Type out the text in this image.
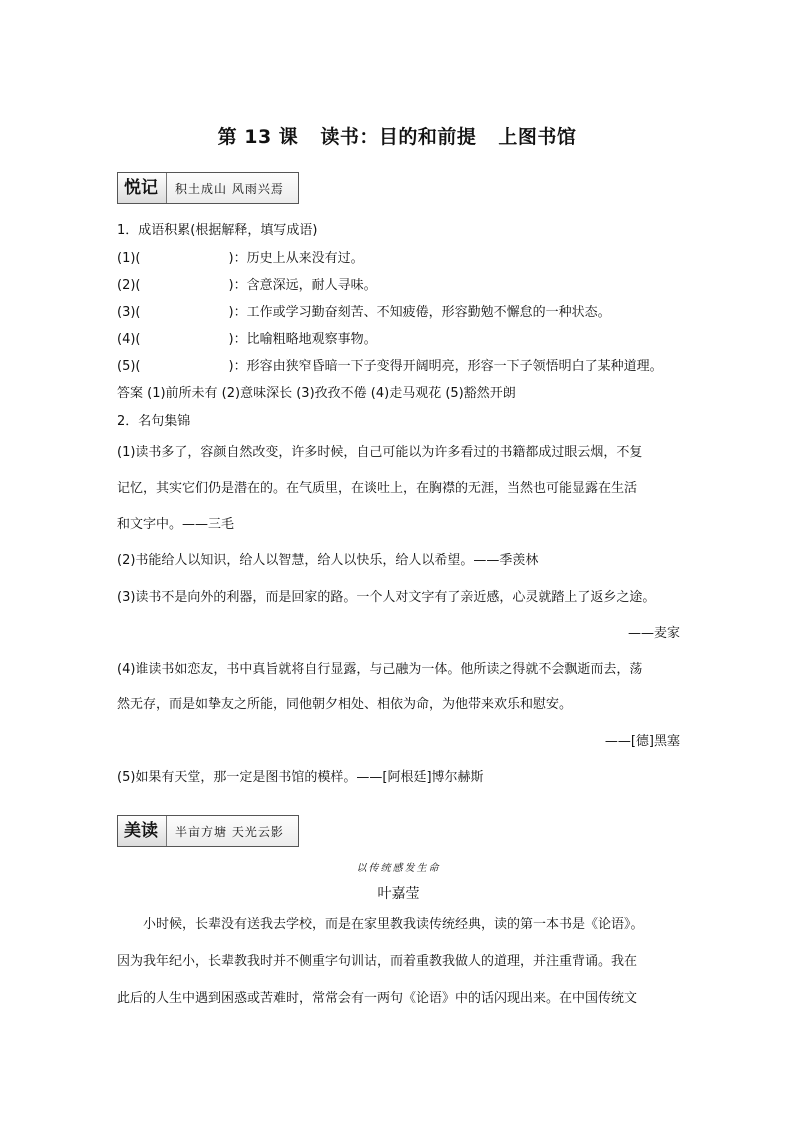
第 13 课 读书：目的和前提 上图书馆
悦记	积土成山 风雨兴焉
1．成语积累(根据解释，填写成语)
(1)(	)：历史上从来没有过。
(2)(	)：含意深远，耐人寻味。
(3)(	)：工作或学习勤奋刻苦、不知疲倦，形容勤勉不懈怠的一种状态。
(4)(	)：比喻粗略地观察事物。
(5)(	)：形容由狭窄昏暗一下子变得开阔明亮，形容一下子领悟明白了某种道理。
答案 (1)前所未有 (2)意味深长 (3)孜孜不倦 (4)走马观花 (5)豁然开朗
2．名句集锦
(1)读书多了，容颜自然改变，许多时候，自己可能以为许多看过的书籍都成过眼云烟，不复
记忆，其实它们仍是潜在的。在气质里，在谈吐上，在胸襟的无涯，当然也可能显露在生活
和文字中。——三毛
(2)书能给人以知识，给人以智慧，给人以快乐，给人以希望。——季羡林
(3)读书不是向外的利器，而是回家的路。一个人对文字有了亲近感，心灵就踏上了返乡之途。
——麦家
(4)谁读书如恋友，书中真旨就将自行显露，与己融为一体。他所读之得就不会飘逝而去，荡
然无存，而是如挚友之所能，同他朝夕相处、相依为命，为他带来欢乐和慰安。
——[德]黑塞
(5)如果有天堂，那一定是图书馆的模样。——[阿根廷]博尔赫斯
美读	半亩方塘 天光云影
以传统感发生命
叶嘉莹
小时候，长辈没有送我去学校，而是在家里教我读传统经典，读的第一本书是《论语》。
因为我年纪小，长辈教我时并不侧重字句训诂，而着重教我做人的道理，并注重背诵。我在
此后的人生中遇到困惑或苦难时，常常会有一两句《论语》中的话闪现出来。在中国传统文
